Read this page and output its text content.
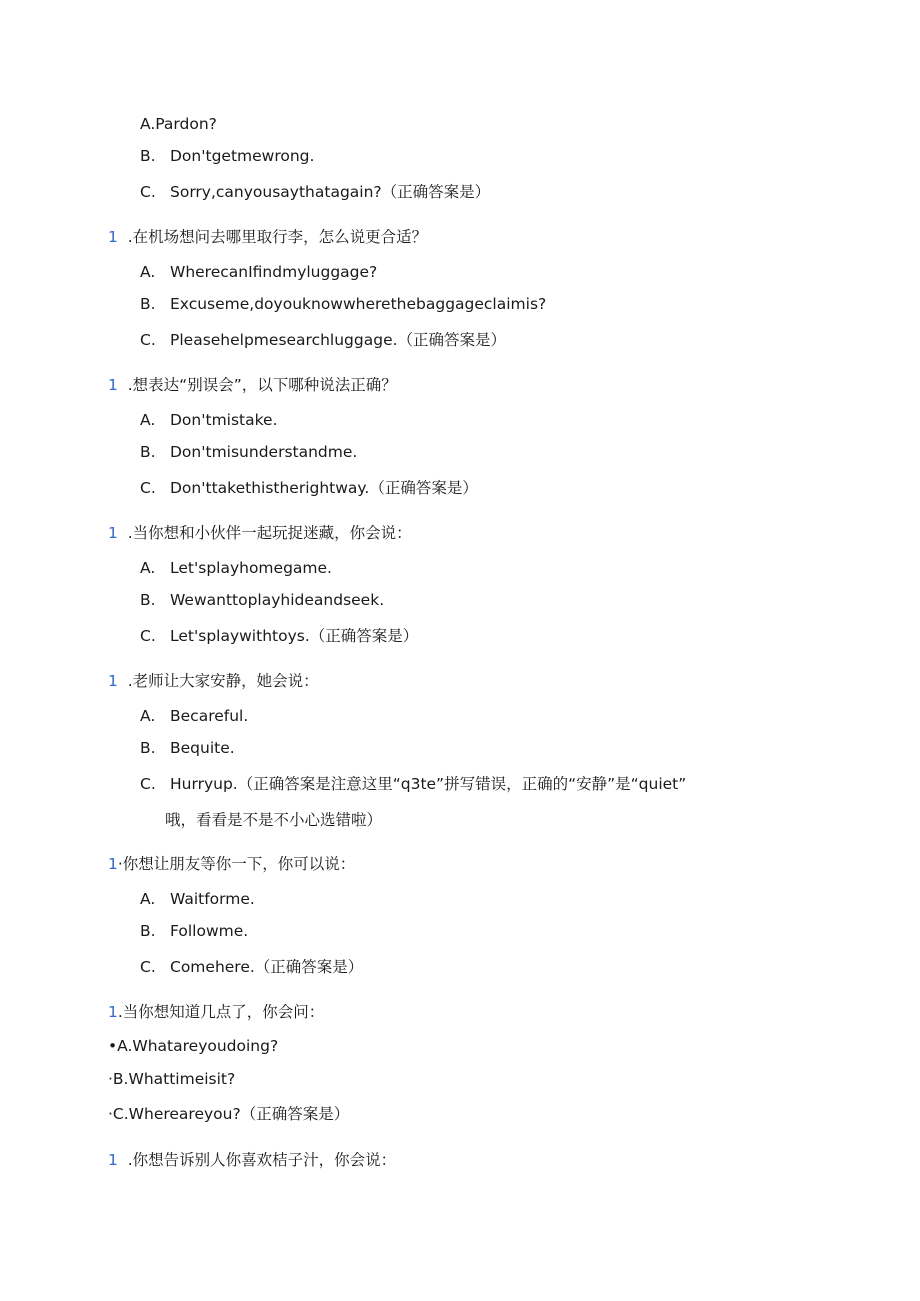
A.Pardon?
B. Don'tgetmewrong.
C. Sorry,canyousaythatagain?（正确答案是）
1 .在机场想问去哪里取行李，怎么说更合适？
A. WherecanIfindmyluggage?
B. Excuseme,doyouknowwherethebaggageclaimis?
C. Pleasehelpmesearchluggage.（正确答案是）
1 .想表达“别误会”，以下哪种说法正确？
A. Don'tmistake.
B. Don'tmisunderstandme.
C. Don'ttakethistherightway.（正确答案是）
1 .当你想和小伙伴一起玩捉迷藏，你会说：
A. Let'splayhomegame.
B. Wewanttoplayhideandseek.
C. Let'splaywithtoys.（正确答案是）
1 .老师让大家安静，她会说：
A. Becareful.
B. Bequite.
C. Hurryup.（正确答案是注意这里“q3te”拼写错误，正确的“安静”是“quiet”
哦，看看是不是不小心选错啦）
1·你想让朋友等你一下，你可以说：
A. Waitforme.
B. Followme.
C. Comehere.（正确答案是）
1.当你想知道几点了，你会问：
•A.Whatareyoudoing?
·B.Whattimeisit?
·C.Whereareyou?（正确答案是）
1 .你想告诉别人你喜欢桔子汁，你会说：
